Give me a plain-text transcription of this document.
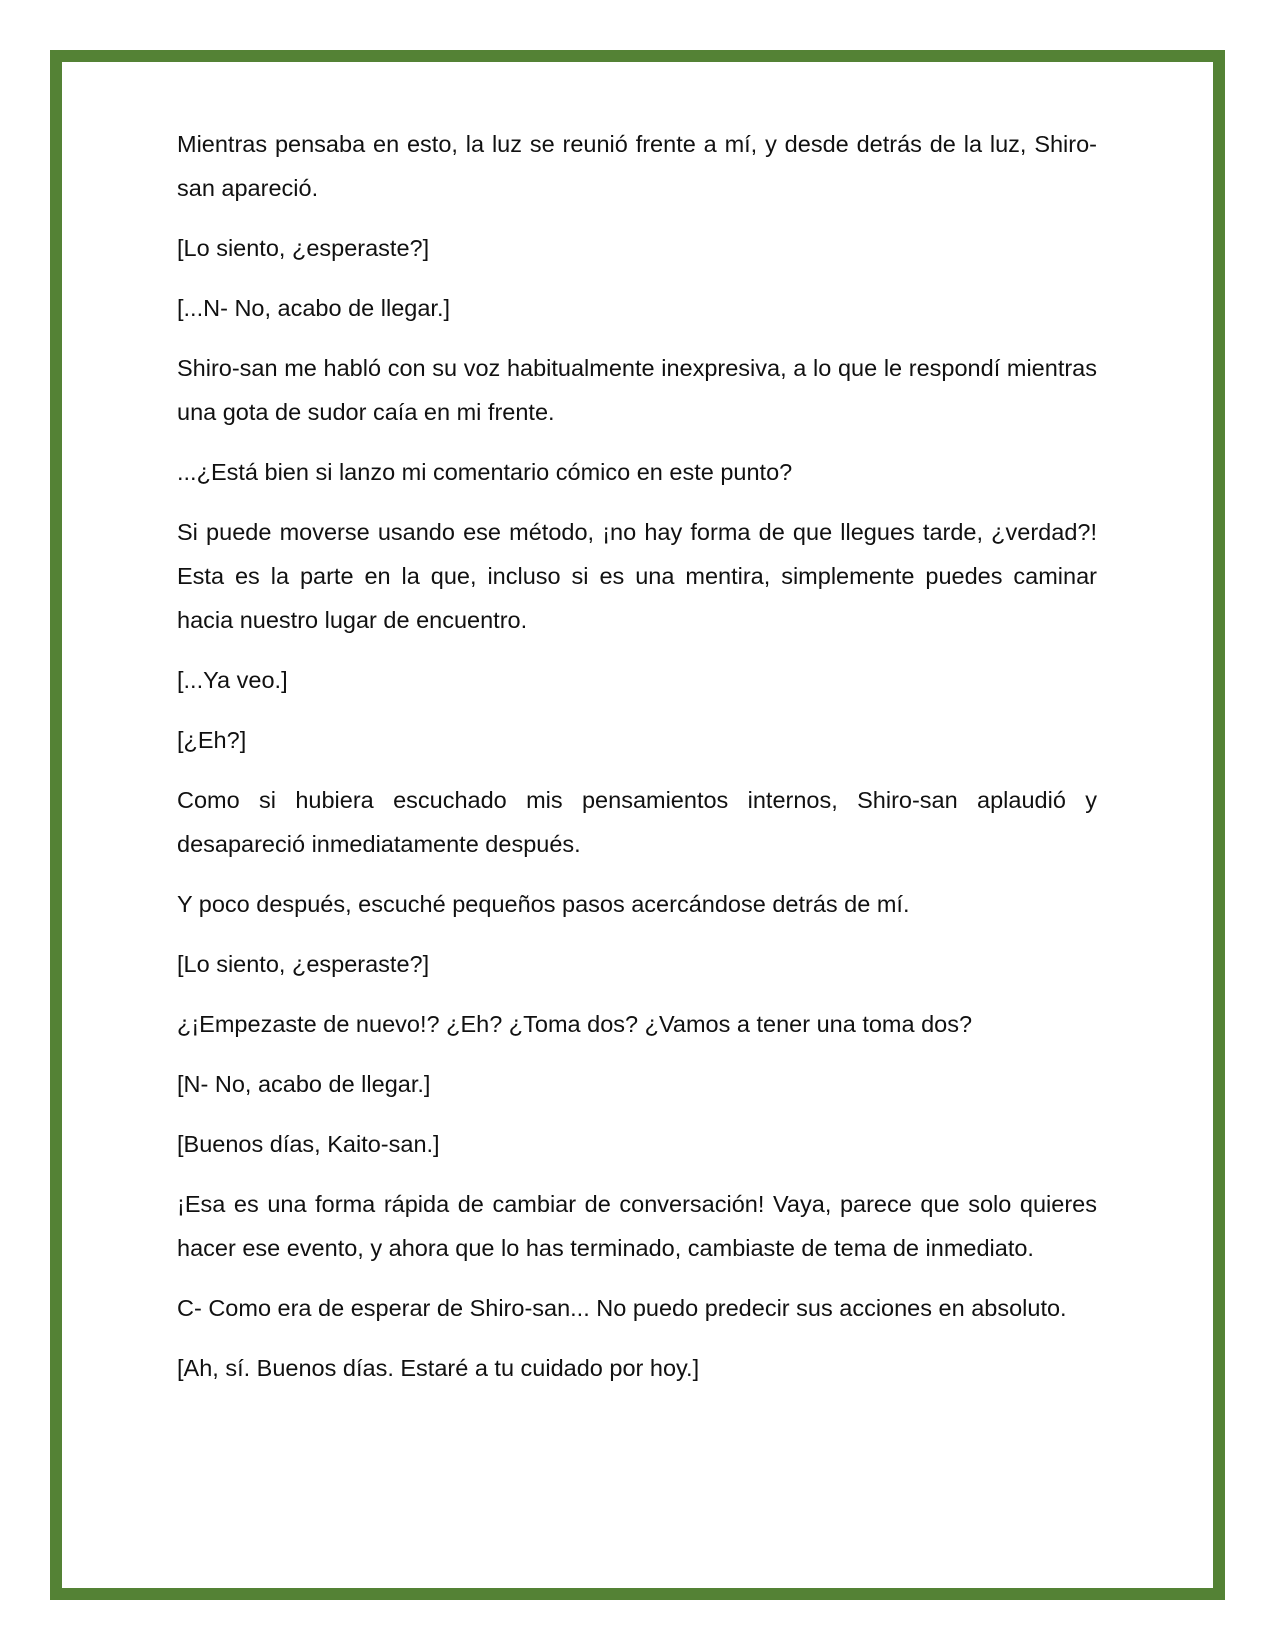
Mientras pensaba en esto, la luz se reunió frente a mí, y desde detrás de la luz, Shiro-san apareció.

[Lo siento, ¿esperaste?]

[...N- No, acabo de llegar.]

Shiro-san me habló con su voz habitualmente inexpresiva, a lo que le respondí mientras una gota de sudor caía en mi frente.

...¿Está bien si lanzo mi comentario cómico en este punto?

Si puede moverse usando ese método, ¡no hay forma de que llegues tarde, ¿verdad?! Esta es la parte en la que, incluso si es una mentira, simplemente puedes caminar hacia nuestro lugar de encuentro.

[...Ya veo.]

[¿Eh?]

Como si hubiera escuchado mis pensamientos internos, Shiro-san aplaudió y desapareció inmediatamente después.

Y poco después, escuché pequeños pasos acercándose detrás de mí.

[Lo siento, ¿esperaste?]

¿¡Empezaste de nuevo!? ¿Eh? ¿Toma dos? ¿Vamos a tener una toma dos?

[N- No, acabo de llegar.]

[Buenos días, Kaito-san.]

¡Esa es una forma rápida de cambiar de conversación! Vaya, parece que solo quieres hacer ese evento, y ahora que lo has terminado, cambiaste de tema de inmediato.

C- Como era de esperar de Shiro-san... No puedo predecir sus acciones en absoluto.

[Ah, sí. Buenos días. Estaré a tu cuidado por hoy.]
